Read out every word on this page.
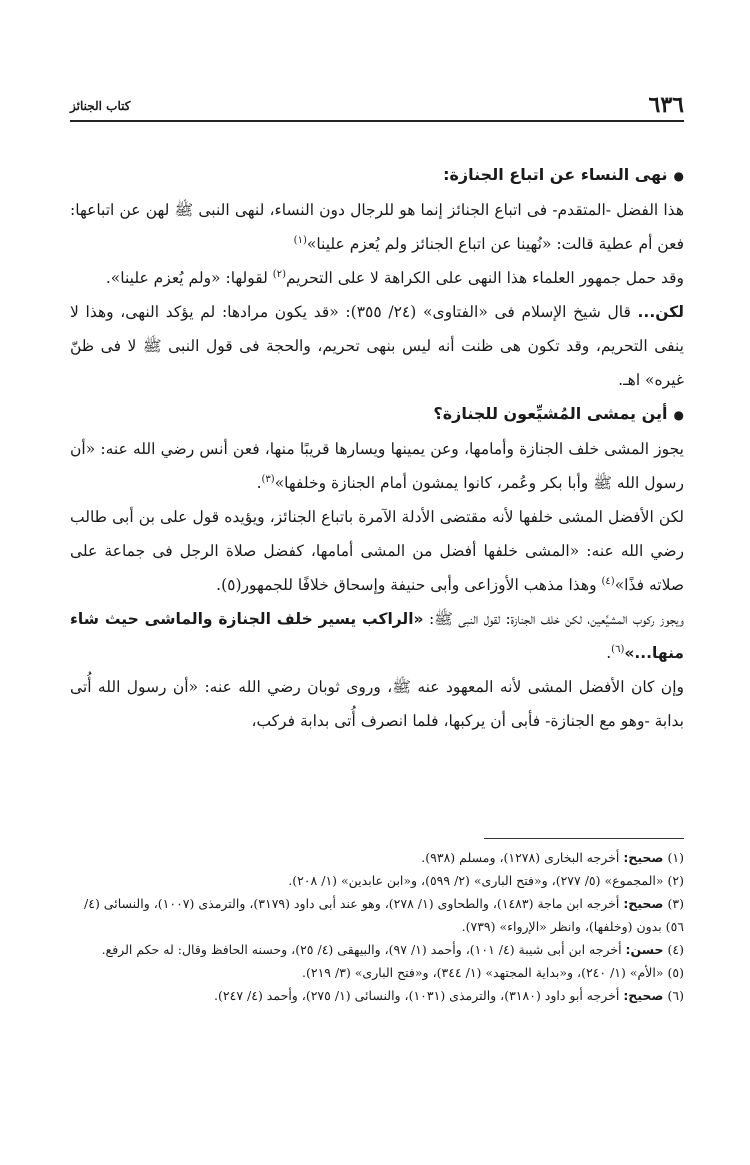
٦٣٦
كتاب الجنائز

●نهى النساء عن اتباع الجنازة:

هذا الفضل -المتقدم- فى اتباع الجنائز إنما هو للرجال دون النساء، لنهى النبى ﷺ لهن عن اتباعها: فعن أم عطية قالت: «نُهينا عن اتباع الجنائز ولم يُعزم علينا»$^{(١)}$

وقد حمل جمهور العلماء هذا النهى على الكراهة لا على التحريم$^{(٢)}$ لقولها: «ولم يُعزم علينا».

لكن... قال شيخ الإسلام فى «الفتاوى» (٢٤/ ٣٥٥): «قد يكون مرادها: لم يؤكد النهى، وهذا لا ينفى التحريم، وقد تكون هى ظنت أنه ليس بنهى تحريم، والحجة فى قول النبى ﷺ لا فى ظنّ غيره» اهـ.

●أين يمشى المُشيِّعون للجنازة؟

يجوز المشى خلف الجنازة وأمامها، وعن يمينها ويسارها قريبًا منها، فعن أنس رضي الله عنه: «أن رسول الله ﷺ وأبا بكر وعُمر، كانوا يمشون أمام الجنازة وخلفها»$^{(٣)}$.

لكن الأفضل المشى خلفها لأنه مقتضى الأدلة الآمرة باتباع الجنائز، ويؤيده قول على بن أبى طالب رضي الله عنه: «المشى خلفها أفضل من المشى أمامها، كفضل صلاة الرجل فى جماعة على صلاته فذًا»$^{(٤)}$ وهذا مذهب الأوزاعى وأبى حنيفة وإسحاق خلافًا للجمهور(٥).

ويجوز ركوب المشيِّعين، لكن خلف الجنازة: لقول النبى ﷺ: «الراكب يسير خلف الجنازة والماشى حيث شاء منها...»$^{(٦)}$.

وإن كان الأفضل المشى لأنه المعهود عنه ﷺ، وروى ثوبان رضي الله عنه: «أن رسول الله أُتى بدابة -وهو مع الجنازة- فأبى أن يركبها، فلما انصرف أُتى بدابة فركب،

(١) صحيح: أخرجه البخارى (١٢٧٨)، ومسلم (٩٣٨).

(٢) «المجموع» (٥/ ٢٧٧)، و«فتح البارى» (٢/ ٥٩٩)، و«ابن عابدين» (١/ ٢٠٨).

(٣) صحيح: أخرجه ابن ماجة (١٤٨٣)، والطحاوى (١/ ٢٧٨)، وهو عند أبى داود (٣١٧٩)، والترمذى (١٠٠٧)، والنسائى (٤/ ٥٦) بدون (وخلفها)، وانظر «الإرواء» (٧٣٩).

(٤) حسن: أخرجه ابن أبى شيبة (٤/ ١٠١)، وأحمد (١/ ٩٧)، والبيهقى (٤/ ٢٥)، وحسنه الحافظ وقال: له حكم الرفع.

(٥) «الأم» (١/ ٢٤٠)، و«بداية المجتهد» (١/ ٣٤٤)، و«فتح البارى» (٣/ ٢١٩).

(٦) صحيح: أخرجه أبو داود (٣١٨٠)، والترمذى (١٠٣١)، والنسائى (١/ ٢٧٥)، وأحمد (٤/ ٢٤٧).
